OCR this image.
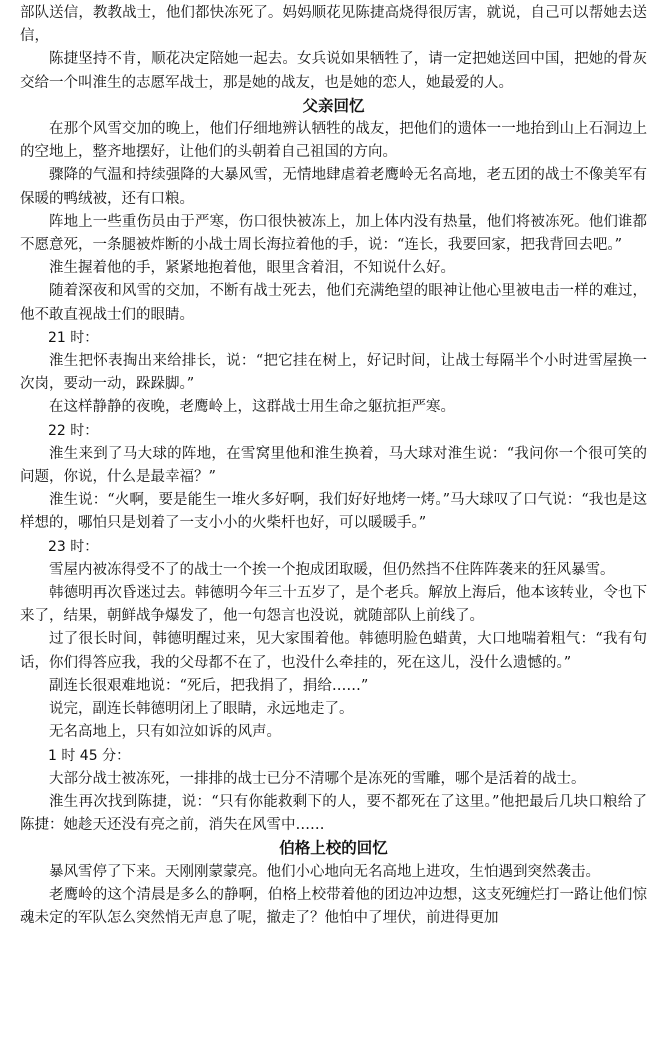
部队送信，教教战士，他们都快冻死了。妈妈顺花见陈捷高烧得很厉害，就说，自己可以帮她去送信，

陈捷坚持不肯，顺花决定陪她一起去。女兵说如果牺牲了，请一定把她送回中国，把她的骨灰交给一个叫淮生的志愿军战士，那是她的战友，也是她的恋人，她最爱的人。

父亲回忆

在那个风雪交加的晚上，他们仔细地辨认牺牲的战友，把他们的遗体一一地抬到山上石洞边上的空地上，整齐地摆好，让他们的头朝着自己祖国的方向。

骤降的气温和持续强降的大暴风雪，无情地肆虐着老鹰岭无名高地，老五团的战士不像美军有保暖的鸭绒被，还有口粮。

阵地上一些重伤员由于严寒，伤口很快被冻上，加上体内没有热量，他们将被冻死。他们谁都不愿意死，一条腿被炸断的小战士周长海拉着他的手，说：“连长，我要回家，把我背回去吧。”

淮生握着他的手，紧紧地抱着他，眼里含着泪，不知说什么好。

随着深夜和风雪的交加，不断有战士死去，他们充满绝望的眼神让他心里被电击一样的难过，他不敢直视战士们的眼睛。

21 时：

淮生把怀表掏出来给排长，说：“把它挂在树上，好记时间，让战士每隔半个小时进雪屋换一次岗，要动一动，跺跺脚。”

在这样静静的夜晚，老鹰岭上，这群战士用生命之躯抗拒严寒。

22 时：

淮生来到了马大球的阵地，在雪窝里他和淮生换着，马大球对淮生说：“我问你一个很可笑的问题，你说，什么是最幸福？”

淮生说：“火啊，要是能生一堆火多好啊，我们好好地烤一烤。”马大球叹了口气说：“我也是这样想的，哪怕只是划着了一支小小的火柴杆也好，可以暖暖手。”

23 时：

雪屋内被冻得受不了的战士一个挨一个抱成团取暖，但仍然挡不住阵阵袭来的狂风暴雪。

韩德明再次昏迷过去。韩德明今年三十五岁了，是个老兵。解放上海后，他本该转业，令也下来了，结果，朝鲜战争爆发了，他一句怨言也没说，就随部队上前线了。

过了很长时间，韩德明醒过来，见大家围着他。韩德明脸色蜡黄，大口地喘着粗气：“我有句话，你们得答应我，我的父母都不在了，也没什么牵挂的，死在这儿，没什么遗憾的。”

副连长很艰难地说：“死后，把我捐了，捐给……”

说完，副连长韩德明闭上了眼睛，永远地走了。

无名高地上，只有如泣如诉的风声。

1 时 45 分：

大部分战士被冻死，一排排的战士已分不清哪个是冻死的雪雕，哪个是活着的战士。

淮生再次找到陈捷，说：“只有你能救剩下的人，要不都死在了这里。”他把最后几块口粮给了陈捷：她趁天还没有亮之前，消失在风雪中……

伯格上校的回忆

暴风雪停了下来。天刚刚蒙蒙亮。他们小心地向无名高地上进攻，生怕遇到突然袭击。

老鹰岭的这个清晨是多么的静啊，伯格上校带着他的团边冲边想，这支死缠烂打一路让他们惊魂未定的军队怎么突然悄无声息了呢，撤走了？他怕中了埋伏，前进得更加
